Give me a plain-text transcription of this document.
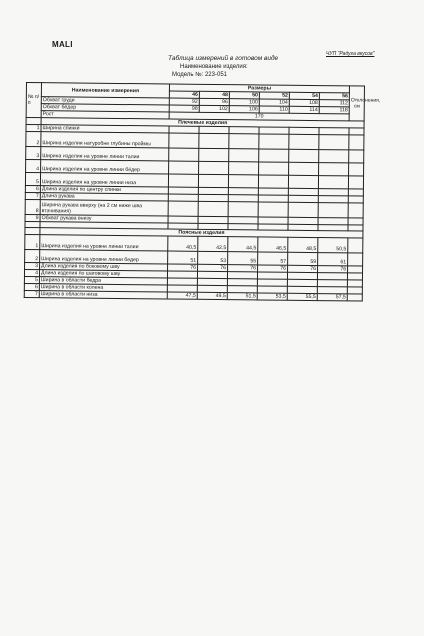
MALI
ЧУП "Радуга вкусов"
Таблица измерений в готовом виде
Наименование изделия:
Модель №: 223-051
№ п/п	Наименование измерения	Размеры						Отклонения, см
		46	48	50	52	54	56	
	Обхват груди	92	96	100	104	108	112	
	Обхват бёдер	98	102	106	110	114	118	
	Рост	170						
	Плечевые изделия							
1	Ширина спинки							
2	Ширина изделия натуробне глубины проймы							
3	Ширина изделия на уровне линии талии							
4	Ширина изделия на уровне линии бёдер							
5	Ширина изделия на уровне линии низа							
6	Длина изделия по центру спинки							
7	Длина рукава							
8	Ширина рукава вверху (на 2 см ниже шва втачивания)							
9	Обхват рукава внизу							

	Поясные изделия							
1	Ширина изделия на уровне линии талии	40,5	42,5	44,5	46,5	48,5	50,5	
2	Ширина изделия на уровне линии бедер	51	53	55	57	59	61	
3	Длина изделия по боковому шву	76	76	76	76	76	76	
4	Длина изделия по шаговому шву							
5	Ширина в области бедра							
6	Ширина в области колена							
7	Ширина в области низа	47,5	49,5	51,5	53,5	55,5	57,5	
